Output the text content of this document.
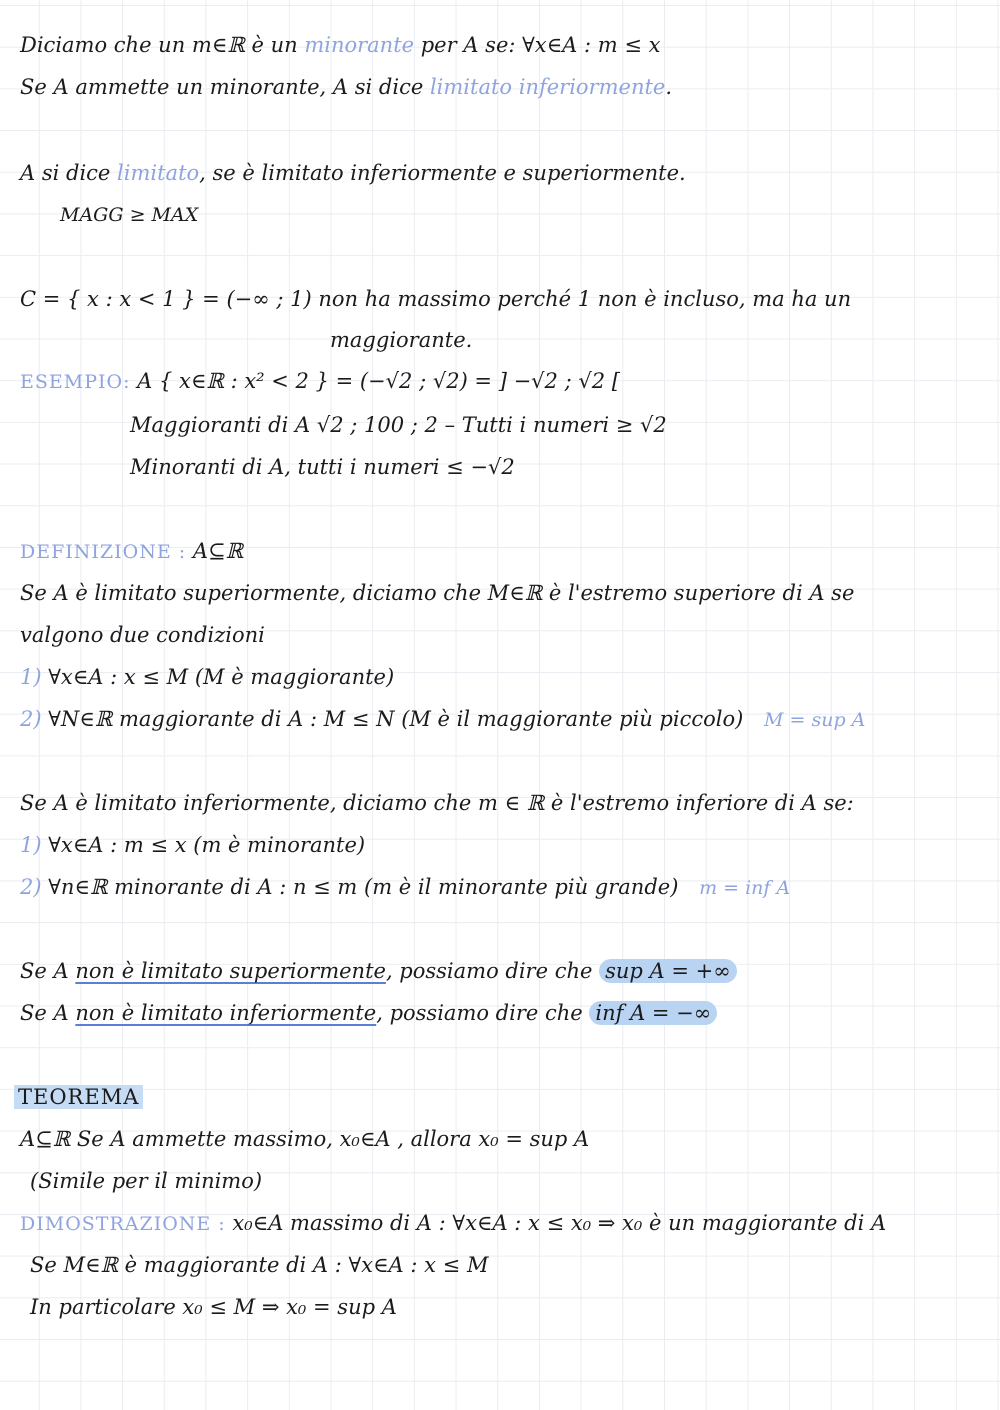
Diciamo che un m∈ℝ è un minorante per A se: ∀x∈A : m ≤ x
Se A ammette un minorante, A si dice limitato inferiormente.
A si dice limitato, se è limitato inferiormente e superiormente.
MAGG ≥ MAX
C = { x : x < 1 } = (−∞ ; 1) non ha massimo perché 1 non è incluso, ma ha un
maggiorante.
ESEMPIO: A { x∈ℝ : x² < 2 } = (−√2 ; √2) = ] −√2 ; √2 [
Maggioranti di A √2 ; 100 ; 2 – Tutti i numeri ≥ √2
Minoranti di A, tutti i numeri ≤ −√2
DEFINIZIONE : A⊆ℝ
Se A è limitato superiormente, diciamo che M∈ℝ è l'estremo superiore di A se
valgono due condizioni
1) ∀x∈A : x ≤ M (M è maggiorante)
2) ∀N∈ℝ maggiorante di A : M ≤ N (M è il maggiorante più piccolo) M = sup A
Se A è limitato inferiormente, diciamo che m ∈ ℝ è l'estremo inferiore di A se:
1) ∀x∈A : m ≤ x (m è minorante)
2) ∀n∈ℝ minorante di A : n ≤ m (m è il minorante più grande) m = inf A
Se A non è limitato superiormente, possiamo dire che sup A = +∞
Se A non è limitato inferiormente, possiamo dire che inf A = −∞
TEOREMA
A⊆ℝ Se A ammette massimo, x₀∈A , allora x₀ = sup A
(Simile per il minimo)
DIMOSTRAZIONE : x₀∈A massimo di A : ∀x∈A : x ≤ x₀ ⇒ x₀ è un maggiorante di A
Se M∈ℝ è maggiorante di A : ∀x∈A : x ≤ M
In particolare x₀ ≤ M ⇒ x₀ = sup A
